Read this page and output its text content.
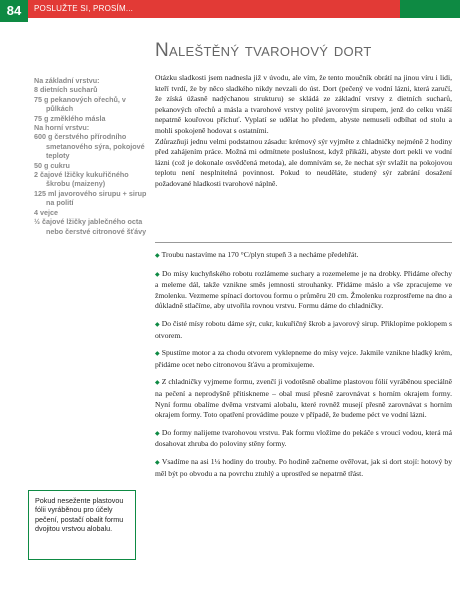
84	POSLUŽTE SI, PROSÍM...
Naleštěný tvarohový dort
Na základní vrstvu:
8 dietních sucharů
75 g pekanových ořechů, v půlkách
75 g změklého másla
Na horní vrstvu:
600 g čerstvého přírodního smetanového sýra, pokojové teploty
50 g cukru
2 čajové lžičky kukuřičného škrobu (maizeny)
125 ml javorového sirupu + sirup na polití
4 vejce
½ čajové lžičky jablečného octa nebo čerstvé citronové šťávy

Otázku sladkosti jsem nadnesla již v úvodu, ale vím, že tento moučník obrátí na jinou víru i lidi, kteří tvrdí, že by něco sladkého nikdy nevzali do úst. Dort (pečený ve vodní lázni, která zaručí, že získá úžasně nadýchanou strukturu) se skládá ze základní vrstvy z dietních sucharů, pekanových ořechů a másla a tvarohové vrstvy polité javorovým sirupem, jenž do celku vnáší nepatrně kouřovou příchuť. Vyplatí se udělat ho předem, abyste nemuseli odbíhat od stolu a mohli spokojeně hodovat s ostatními.

Zdůrazňuji jednu velmi podstatnou zásadu: krémový sýr vyjměte z chladničky nejméně 2 hodiny před zahájením práce. Možná mi odmítnete poslušnost, když přikáži, abyste dort pekli ve vodní lázni (což je dokonale osvědčená metoda), ale domnívám se, že nechat sýr svlažit na pokojovou teplotu není nesplnitelná povinnost. Pokud to neuděláte, studený sýr zabrání dosažení požadované hladkosti tvarohové náplně.

◆ Troubu nastavíme na 170 °C/plyn stupeň 3 a necháme předehřát.

◆ Do mísy kuchyňského robotu rozlámeme suchary a rozemeleme je na drobky. Přidáme ořechy a meleme dál, takže vznikne směs jemnosti strouhanky. Přidáme máslo a vše zpracujeme ve žmolenku. Vezmeme spínací dortovou formu o průměru 20 cm. Žmolenku rozprostřeme na dno a důkladně stlačíme, aby utvořila rovnou vrstvu. Formu dáme do chladničky.

◆ Do čisté mísy robotu dáme sýr, cukr, kukuřičný škrob a javorový sirup. Přiklopíme poklopem s otvorem.

◆ Spustíme motor a za chodu otvorem vyklepneme do mísy vejce. Jakmile vznikne hladký krém, přidáme ocet nebo citronovou šťávu a promixujeme.

◆ Z chladničky vyjmeme formu, zvenčí ji vodotěsně obalíme plastovou fólií vyráběnou speciálně na pečení a neprodyšně přitiskneme – obal musí přesně zarovnávat s horním okrajem formy. Nyní formu obalíme dvěma vrstvami alobalu, které rovněž musejí přesně zarovnávat s horním okrajem formy. Toto opatření provádíme pouze v případě, že budeme péct ve vodní lázni.

◆ Do formy nalijeme tvarohovou vrstvu. Pak formu vložíme do pekáče s vroucí vodou, která má dosahovat zhruba do poloviny stěny formy.

◆ Vsadíme na asi 1¼ hodiny do trouby. Po hodině začneme ověřovat, jak si dort stojí: hotový by měl být po obvodu a na povrchu ztuhlý a uprostřed se nepatrně třást.

Pokud nesežente plastovou fólii vyráběnou pro účely pečení, postačí obalit formu dvojitou vrstvou alobalu.
